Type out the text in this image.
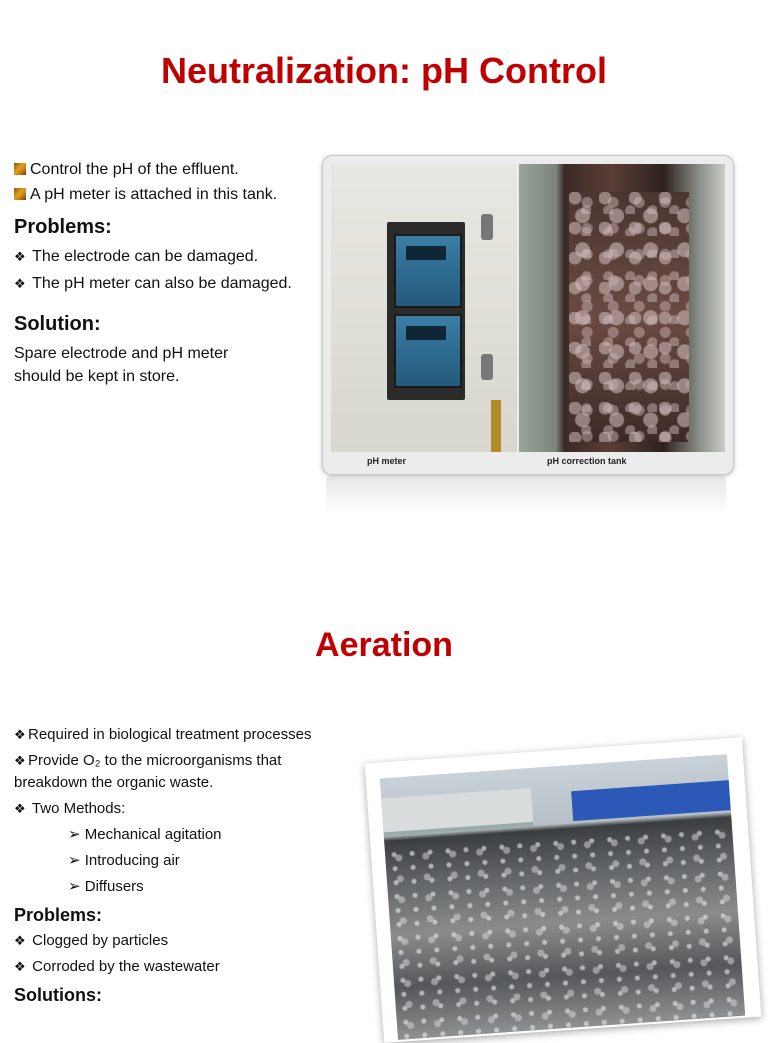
Neutralization: pH Control

Control the pH of the effluent.

A pH meter is attached in this tank.

Problems:

❖ The electrode can be damaged.

❖ The pH meter can also be damaged.

Solution:

Spare electrode and pH meter should be kept in store.

pH meter	pH correction tank
Aeration

❖ Required in biological treatment processes

❖ Provide O₂ to the microorganisms that breakdown the organic waste.

❖ Two Methods:

➢ Mechanical agitation

➢ Introducing air

➢ Diffusers

Problems:

❖ Clogged by particles

❖ Corroded by the wastewater

Solutions:
